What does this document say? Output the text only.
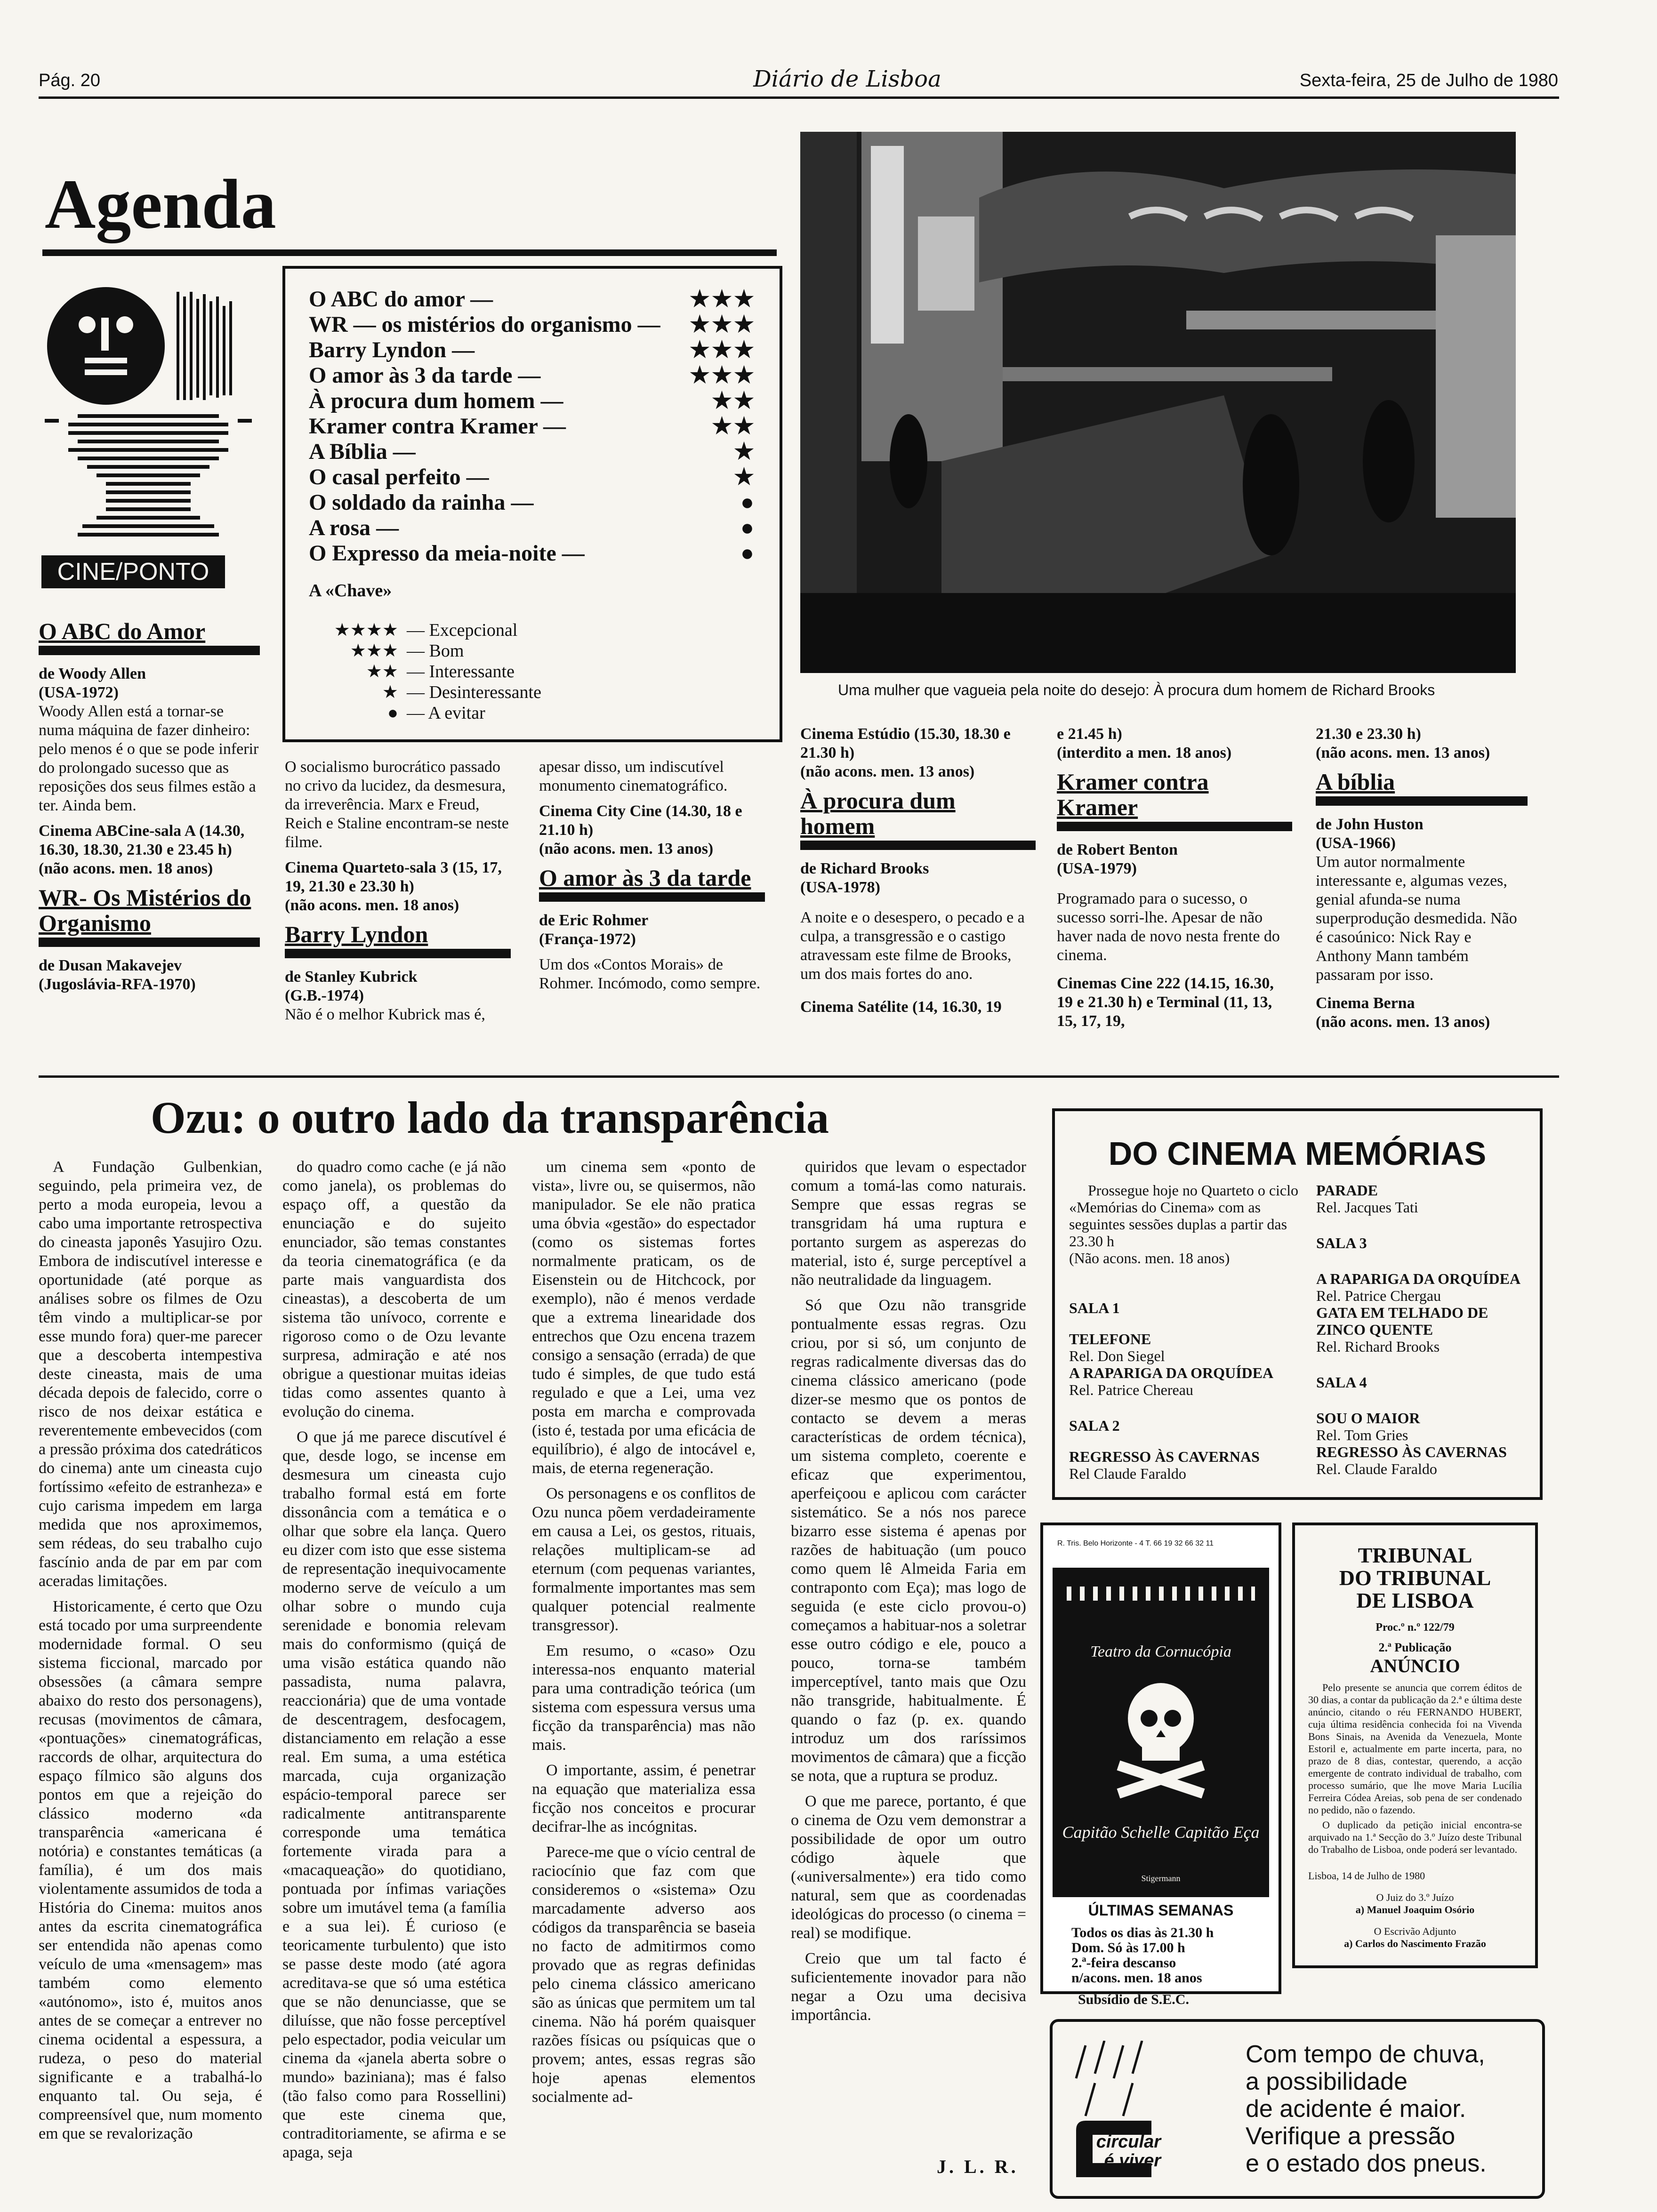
Pág. 20	Diário de Lisboa	Sexta-feira, 25 de Julho de 1980
Agenda
CINE/PONTO
O ABC do amor —	★★★
WR — os mistérios do organismo — ★★★
Barry Lyndon —	★★★
O amor às 3 da tarde —	★★★
À procura dum homem —	★★
Kramer contra Kramer —	★★
A Bíblia —	★
O casal perfeito —	★
O soldado da rainha —	●
A rosa —	●
O Expresso da meia-noite —	●
A «Chave»
★★★★ — Excepcional
★★★ — Bom
★★ — Interessante
★ — Desinteressante
● — A evitar
Uma mulher que vagueia pela noite do desejo: À procura dum homem de Richard Brooks
O ABC do Amor
de Woody Allen
(USA-1972)
Woody Allen está a tornar-se numa máquina de fazer dinheiro: pelo menos é o que se pode inferir do prolongado sucesso que as reposições dos seus filmes estão a ter. Ainda bem.
Cinema ABCine-sala A (14.30, 16.30, 18.30, 21.30 e 23.45 h)
(não acons. men. 18 anos)
WR- Os Mistérios do Organismo
de Dusan Makavejev
(Jugoslávia-RFA-1970)
O socialismo burocrático passado no crivo da lucidez, da desmesura, da irreverência. Marx e Freud, Reich e Staline encontram-se neste filme.
Cinema Quarteto-sala 3 (15, 17, 19, 21.30 e 23.30 h)
(não acons. men. 18 anos)
Barry Lyndon
de Stanley Kubrick
(G.B.-1974)
Não é o melhor Kubrick mas é,
apesar disso, um indiscutível monumento cinematográfico.
Cinema City Cine (14.30, 18 e 21.10 h)
(não acons. men. 13 anos)
O amor às 3 da tarde
de Eric Rohmer
(França-1972)
Um dos «Contos Morais» de Rohmer. Incómodo, como sempre.
Cinema Estúdio (15.30, 18.30 e 21.30 h)
(não acons. men. 13 anos)
À procura dum homem
de Richard Brooks
(USA-1978)
A noite e o desespero, o pecado e a culpa, a transgressão e o castigo atravessam este filme de Brooks, um dos mais fortes do ano.
Cinema Satélite (14, 16.30, 19
e 21.45 h)
(interdito a men. 18 anos)
Kramer contra Kramer
de Robert Benton
(USA-1979)
Programado para o sucesso, o sucesso sorri-lhe. Apesar de não haver nada de novo nesta frente do cinema.
Cinemas Cine 222 (14.15, 16.30, 19 e 21.30 h) e Terminal (11, 13, 15, 17, 19,
21.30 e 23.30 h)
(não acons. men. 13 anos)
A bíblia
de John Huston
(USA-1966)
Um autor normalmente interessante e, algumas vezes, genial afunda-se numa superprodução desmedida. Não é casoúnico: Nick Ray e Anthony Mann também passaram por isso.
Cinema Berna
(não acons. men. 13 anos)
Ozu: o outro lado da transparência

A Fundação Gulbenkian, seguindo, pela primeira vez, de perto a moda europeia, levou a cabo uma importante retrospectiva do cineasta japonês Yasujiro Ozu. Embora de indiscutível interesse e oportunidade (até porque as análises sobre os filmes de Ozu têm vindo a multiplicar-se por esse mundo fora) quer-me parecer que a descoberta intempestiva deste cineasta, mais de uma década depois de falecido, corre o risco de nos deixar estática e reverentemente embevecidos (com a pressão próxima dos catedráticos do cinema) ante um cineasta cujo fortíssimo «efeito de estranheza» e cujo carisma impedem em larga medida que nos aproximemos, sem rédeas, do seu trabalho cujo fascínio anda de par em par com aceradas limitações.

Historicamente, é certo que Ozu está tocado por uma surpreendente modernidade formal. O seu sistema ficcional, marcado por obsessões (a câmara sempre abaixo do resto dos personagens), recusas (movimentos de câmara, «pontuações» cinematográficas, raccords de olhar, arquitectura do espaço fílmico são alguns dos pontos em que a rejeição do clássico moderno «da transparência «americana é notória) e constantes temáticas (a família), é um dos mais violentamente assumidos de toda a História do Cinema: muitos anos antes da escrita cinematográfica ser entendida não apenas como veículo de uma «mensagem» mas também como elemento «autónomo», isto é, muitos anos antes de se começar a entrever no cinema ocidental a espessura, a rudeza, o peso do material significante e a trabalhá-lo enquanto tal. Ou seja, é compreensível que, num momento em que se revalorização

do quadro como cache (e já não como janela), os problemas do espaço off, a questão da enunciação e do sujeito enunciador, são temas constantes da teoria cinematográfica (e da parte mais vanguardista dos cineastas), a descoberta de um sistema tão unívoco, corrente e rigoroso como o de Ozu levante surpresa, admiração e até nos obrigue a questionar muitas ideias tidas como assentes quanto à evolução do cinema.

O que já me parece discutível é que, desde logo, se incense em desmesura um cineasta cujo trabalho formal está em forte dissonância com a temática e o olhar que sobre ela lança. Quero eu dizer com isto que esse sistema de representação inequivocamente moderno serve de veículo a um olhar sobre o mundo cuja serenidade e bonomia relevam mais do conformismo (quiçá de uma visão estática quando não passadista, numa palavra, reaccionária) que de uma vontade de descentragem, desfocagem, distanciamento em relação a esse real. Em suma, a uma estética marcada, cuja organização espácio-temporal parece ser radicalmente antitransparente corresponde uma temática fortemente virada para a «macaqueação» do quotidiano, pontuada por ínfimas variações sobre um imutável tema (a família e a sua lei). É curioso (e teoricamente turbulento) que isto se passe deste modo (até agora acreditava-se que só uma estética que se não denunciasse, que se diluísse, que não fosse perceptível pelo espectador, podia veicular um cinema da «janela aberta sobre o mundo» baziniana); mas é falso (tão falso como para Rossellini) que este cinema que, contraditoriamente, se afirma e se apaga, seja

um cinema sem «ponto de vista», livre ou, se quisermos, não manipulador. Se ele não pratica uma óbvia «gestão» do espectador (como os sistemas fortes normalmente praticam, os de Eisenstein ou de Hitchcock, por exemplo), não é menos verdade que a extrema linearidade dos entrechos que Ozu encena trazem consigo a sensação (errada) de que tudo é simples, de que tudo está regulado e que a Lei, uma vez posta em marcha e comprovada (isto é, testada por uma eficácia de equilíbrio), é algo de intocável e, mais, de eterna regeneração.

Os personagens e os conflitos de Ozu nunca põem verdadeiramente em causa a Lei, os gestos, rituais, relações multiplicam-se ad eternum (com pequenas variantes, formalmente importantes mas sem qualquer potencial realmente transgressor).

Em resumo, o «caso» Ozu interessa-nos enquanto material para uma contradição teórica (um sistema com espessura versus uma ficção da transparência) mas não mais.

O importante, assim, é penetrar na equação que materializa essa ficção nos conceitos e procurar decifrar-lhe as incógnitas.

Parece-me que o vício central de raciocínio que faz com que consideremos o «sistema» Ozu marcadamente adverso aos códigos da transparência se baseia no facto de admitirmos como provado que as regras definidas pelo cinema clássico americano são as únicas que permitem um tal cinema. Não há porém quaisquer razões físicas ou psíquicas que o provem; antes, essas regras são hoje apenas elementos socialmente ad-

quiridos que levam o espectador comum a tomá-las como naturais. Sempre que essas regras se transgridam há uma ruptura e portanto surgem as asperezas do material, isto é, surge perceptível a não neutralidade da linguagem.

Só que Ozu não transgride pontualmente essas regras. Ozu criou, por si só, um conjunto de regras radicalmente diversas das do cinema clássico americano (pode dizer-se mesmo que os pontos de contacto se devem a meras características de ordem técnica), um sistema completo, coerente e eficaz que experimentou, aperfeiçoou e aplicou com carácter sistemático. Se a nós nos parece bizarro esse sistema é apenas por razões de habituação (um pouco como quem lê Almeida Faria em contraponto com Eça); mas logo de seguida (e este ciclo provou-o) começamos a habituar-nos a soletrar esse outro código e ele, pouco a pouco, torna-se também imperceptível, tanto mais que Ozu não transgride, habitualmente. É quando o faz (p. ex. quando introduz um dos raríssimos movimentos de câmara) que a ficção se nota, que a ruptura se produz.

O que me parece, portanto, é que o cinema de Ozu vem demonstrar a possibilidade de opor um outro código àquele que («universalmente») era tido como natural, sem que as coordenadas ideológicas do processo (o cinema = real) se modifique.

Creio que um tal facto é suficientemente inovador para não negar a Ozu uma decisiva importância.

J. L. R.
DO CINEMA MEMÓRIAS
Prossegue hoje no Quarteto o ciclo «Memórias do Cinema» com as seguintes sessões duplas a partir das 23.30 h
(Não acons. men. 18 anos)
SALA 1
TELEFONE
Rel. Don Siegel
A RAPARIGA DA ORQUÍDEA
Rel. Patrice Chereau
SALA 2
REGRESSO ÀS CAVERNAS
Rel Claude Faraldo
PARADE
Rel. Jacques Tati
SALA 3
A RAPARIGA DA ORQUÍDEA
Rel. Patrice Chergau
GATA EM TELHADO DE ZINCO QUENTE
Rel. Richard Brooks
SALA 4
SOU O MAIOR
Rel. Tom Gries
REGRESSO ÀS CAVERNAS
Rel. Claude Faraldo
R. Tris. Belo Horizonte - 4 T. 66 19 32 66 32 11
Teatro da Cornucópia
Capitão Schelle Capitão Eça
Stigermann
ÚLTIMAS SEMANAS
Todos os dias às 21.30 h
Dom. Só às 17.00 h
2.ª-feira descanso
n/acons. men. 18 anos
Subsídio de S.E.C.
TRIBUNAL
DO TRIBUNAL
DE LISBOA
Proc.º n.º 122/79
2.ª Publicação
ANÚNCIO
Pelo presente se anuncia que correm éditos de 30 dias, a contar da publicação da 2.ª e última deste anúncio, citando o réu FERNANDO HUBERT, cuja última residência conhecida foi na Vivenda Bons Sinais, na Avenida da Venezuela, Monte Estoril e, actualmente em parte incerta, para, no prazo de 8 dias, contestar, querendo, a acção emergente de contrato individual de trabalho, com processo sumário, que lhe move Maria Lucília Ferreira Códea Areias, sob pena de ser condenado no pedido, não o fazendo.
O duplicado da petição inicial encontra-se arquivado na 1.ª Secção do 3.º Juízo deste Tribunal do Trabalho de Lisboa, onde poderá ser levantado.
Lisboa, 14 de Julho de 1980
O Juiz do 3.º Juízo
a) Manuel Joaquim Osório
O Escrivão Adjunto
a) Carlos do Nascimento Frazão
circular
é viver
Com tempo de chuva,
a possibilidade
de acidente é maior.
Verifique a pressão
e o estado dos pneus.
